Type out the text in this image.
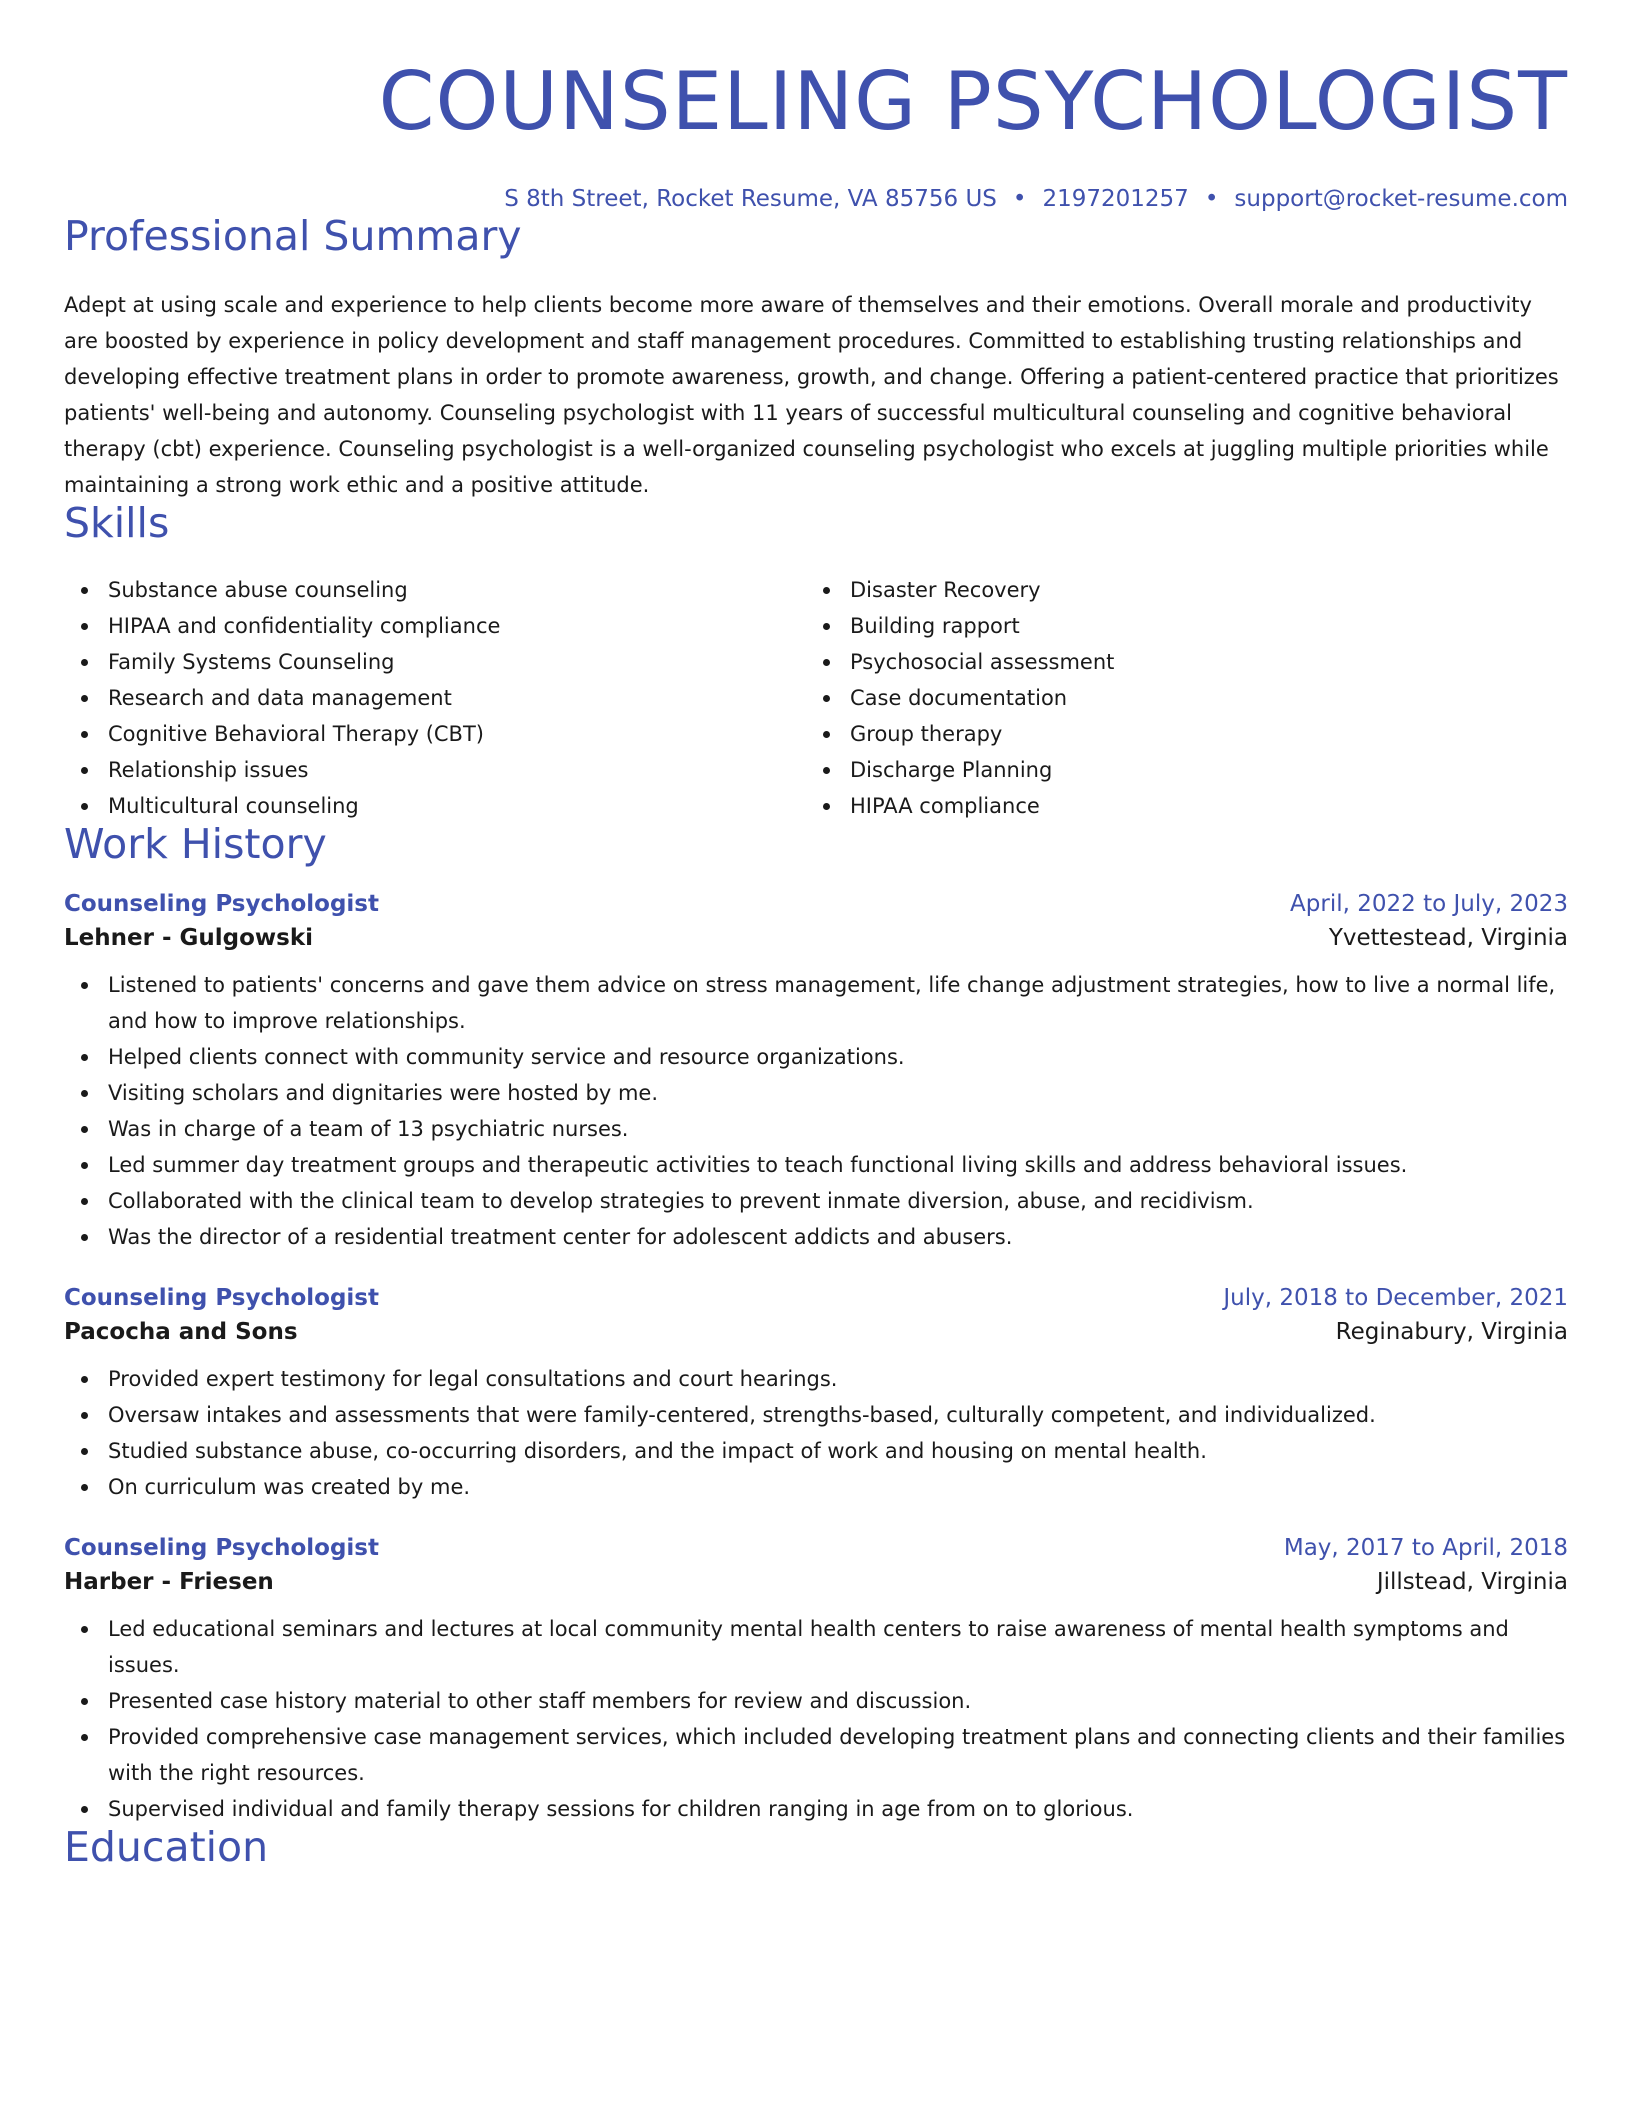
COUNSELING PSYCHOLOGIST
S 8th Street, Rocket Resume, VA 85756 US • 2197201257 • support@rocket-resume.com
Professional Summary

Adept at using scale and experience to help clients become more aware of themselves and their emotions. Overall morale and productivity are boosted by experience in policy development and staff management procedures. Committed to establishing trusting relationships and developing effective treatment plans in order to promote awareness, growth, and change. Offering a patient-centered practice that prioritizes patients' well-being and autonomy. Counseling psychologist with 11 years of successful multicultural counseling and cognitive behavioral therapy (cbt) experience. Counseling psychologist is a well-organized counseling psychologist who excels at juggling multiple priorities while maintaining a strong work ethic and a positive attitude.

Skills
Substance abuse counseling
HIPAA and confidentiality compliance
Family Systems Counseling
Research and data management
Cognitive Behavioral Therapy (CBT)
Relationship issues
Multicultural counseling
Disaster Recovery
Building rapport
Psychosocial assessment
Case documentation
Group therapy
Discharge Planning
HIPAA compliance
Work History
Counseling Psychologist	April, 2022 to July, 2023
Lehner - Gulgowski	Yvettestead, Virginia
Listened to patients' concerns and gave them advice on stress management, life change adjustment strategies, how to live a normal life, and how to improve relationships.
Helped clients connect with community service and resource organizations.
Visiting scholars and dignitaries were hosted by me.
Was in charge of a team of 13 psychiatric nurses.
Led summer day treatment groups and therapeutic activities to teach functional living skills and address behavioral issues.
Collaborated with the clinical team to develop strategies to prevent inmate diversion, abuse, and recidivism.
Was the director of a residential treatment center for adolescent addicts and abusers.
Counseling Psychologist	July, 2018 to December, 2021
Pacocha and Sons	Reginabury, Virginia
Provided expert testimony for legal consultations and court hearings.
Oversaw intakes and assessments that were family-centered, strengths-based, culturally competent, and individualized.
Studied substance abuse, co-occurring disorders, and the impact of work and housing on mental health.
On curriculum was created by me.
Counseling Psychologist	May, 2017 to April, 2018
Harber - Friesen	Jillstead, Virginia
Led educational seminars and lectures at local community mental health centers to raise awareness of mental health symptoms and issues.
Presented case history material to other staff members for review and discussion.
Provided comprehensive case management services, which included developing treatment plans and connecting clients and their families with the right resources.
Supervised individual and family therapy sessions for children ranging in age from on to glorious.
Education
